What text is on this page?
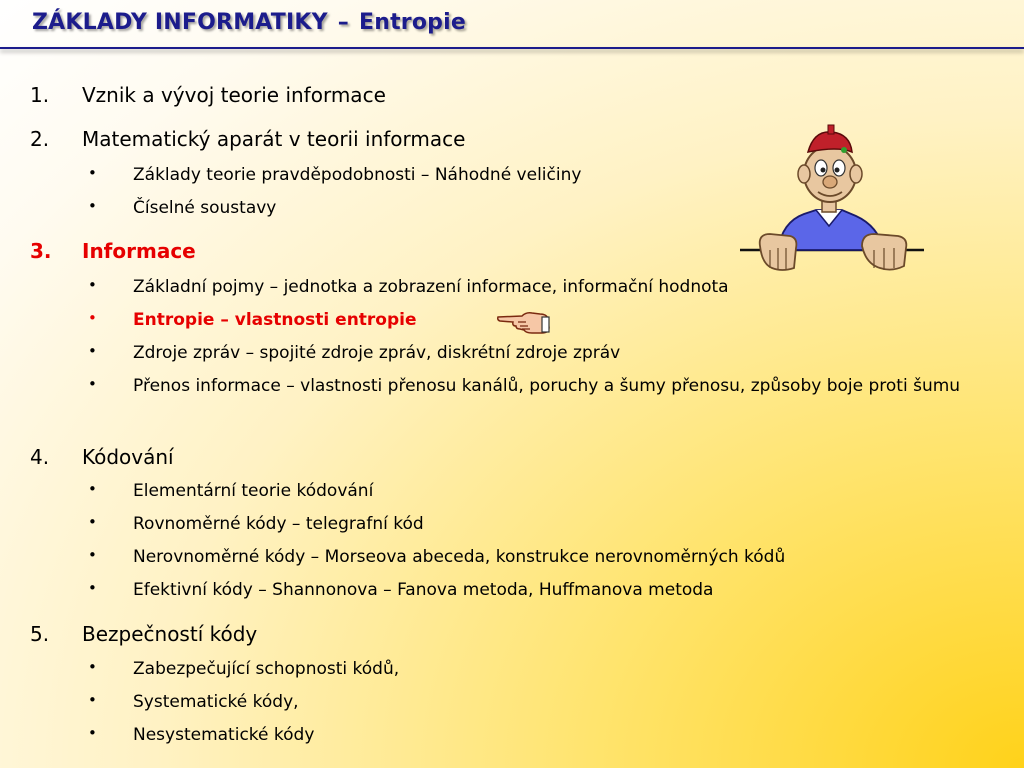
ZÁKLADY INFORMATIKY – Entropie
1. Vznik a vývoj teorie informace
2. Matematický aparát v teorii informace
• Základy teorie pravděpodobnosti – Náhodné veličiny
• Číselné soustavy
3. Informace
• Základní pojmy – jednotka a zobrazení informace, informační hodnota
• Entropie – vlastnosti entropie
• Zdroje zpráv – spojité zdroje zpráv, diskrétní zdroje zpráv
• Přenos informace – vlastnosti přenosu kanálů, poruchy a šumy přenosu, způsoby boje proti šumu
4. Kódování
• Elementární teorie kódování
• Rovnoměrné kódy – telegrafní kód
• Nerovnoměrné kódy – Morseova abeceda, konstrukce nerovnoměrných kódů
• Efektivní kódy – Shannonova – Fanova metoda, Huffmanova metoda
5. Bezpečností kódy
• Zabezpečující schopnosti kódů,
• Systematické kódy,
• Nesystematické kódy
